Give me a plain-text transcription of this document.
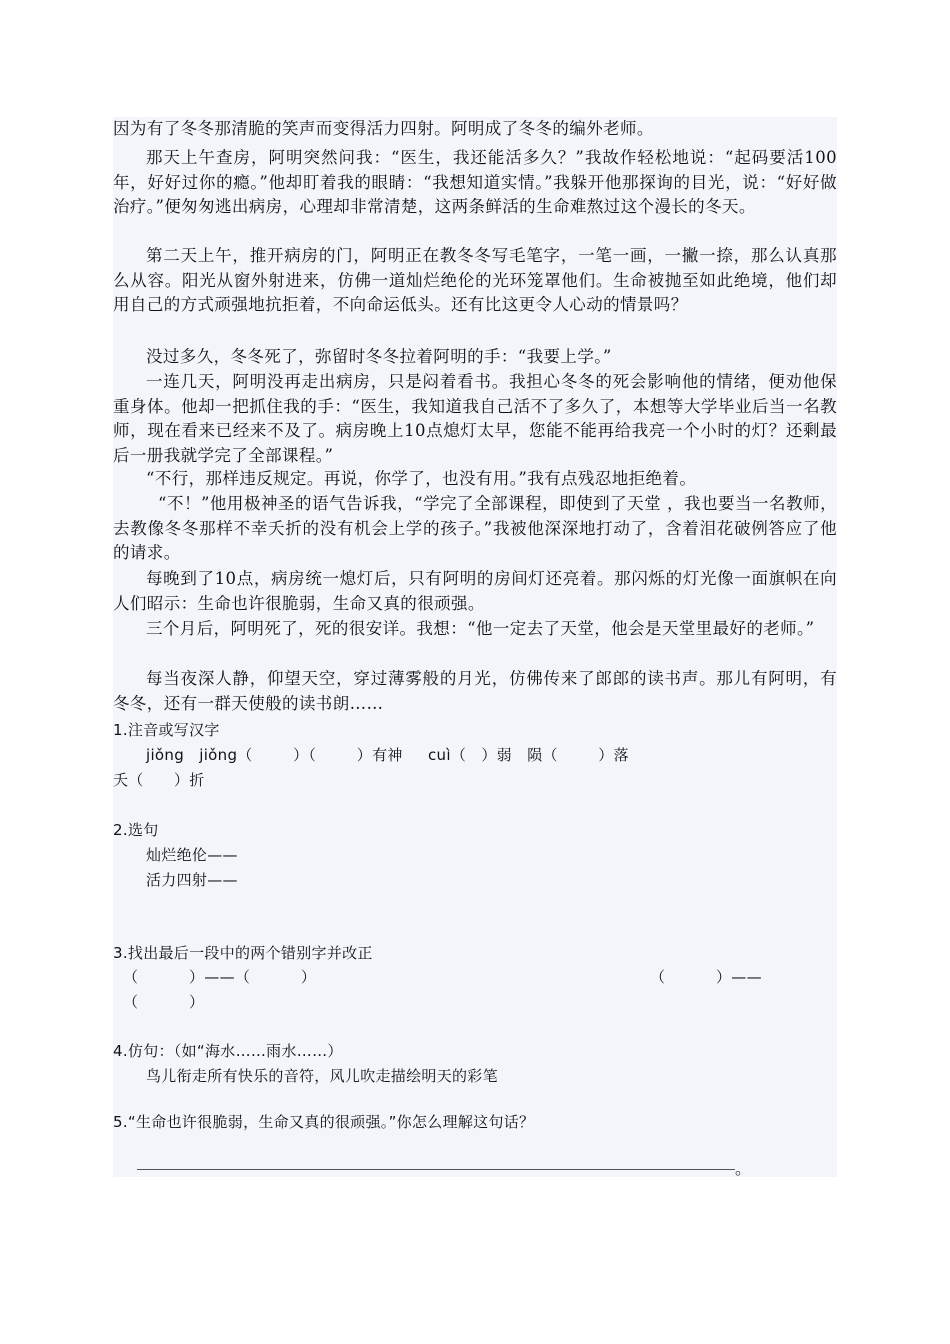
因为有了冬冬那清脆的笑声而变得活力四射。阿明成了冬冬的编外老师。
那天上午查房，阿明突然问我：“医生，我还能活多久？”我故作轻松地说：“起码要活100年，好好过你的瘾。”他却盯着我的眼睛：“我想知道实情。”我躲开他那探询的目光，说：“好好做治疗。”便匆匆逃出病房，心理却非常清楚，这两条鲜活的生命难熬过这个漫长的冬天。
第二天上午，推开病房的门，阿明正在教冬冬写毛笔字，一笔一画，一撇一捺，那么认真那么从容。阳光从窗外射进来，仿佛一道灿烂绝伦的光环笼罩他们。生命被抛至如此绝境，他们却用自己的方式顽强地抗拒着，不向命运低头。还有比这更令人心动的情景吗？
没过多久，冬冬死了，弥留时冬冬拉着阿明的手：“我要上学。”
一连几天，阿明没再走出病房，只是闷着看书。我担心冬冬的死会影响他的情绪，便劝他保重身体。他却一把抓住我的手：“医生，我知道我自己活不了多久了，本想等大学毕业后当一名教师，现在看来已经来不及了。病房晚上10点熄灯太早，您能不能再给我亮一个小时的灯？还剩最后一册我就学完了全部课程。”
“不行，那样违反规定。再说，你学了，也没有用。”我有点残忍地拒绝着。
“不！”他用极神圣的语气告诉我，“学完了全部课程，即使到了天堂 ，我也要当一名教师，去教像冬冬那样不幸夭折的没有机会上学的孩子。”我被他深深地打动了，含着泪花破例答应了他的请求。
每晚到了10点，病房统一熄灯后，只有阿明的房间灯还亮着。那闪烁的灯光像一面旗帜在向人们昭示：生命也许很脆弱，生命又真的很顽强。
三个月后，阿明死了，死的很安详。我想：“他一定去了天堂，他会是天堂里最好的老师。”
每当夜深人静，仰望天空，穿过薄雾般的月光，仿佛传来了郎郎的读书声。那儿有阿明，有冬冬，还有一群天使般的读书朗……
1.注音或写汉字
jiǒng   jiǒng（        ）（        ）有神     cuì（   ）弱   陨（        ）落
夭（      ）折
2.选句
灿烂绝伦——
活力四射——
3.找出最后一段中的两个错别字并改正
（          ）——（          ）	（          ）——
（          ）
4.仿句：（如“海水……雨水……）
鸟儿衔走所有快乐的音符，风儿吹走描绘明天的彩笔
5.“生命也许很脆弱，生命又真的很顽强。”你怎么理解这句话？
。
